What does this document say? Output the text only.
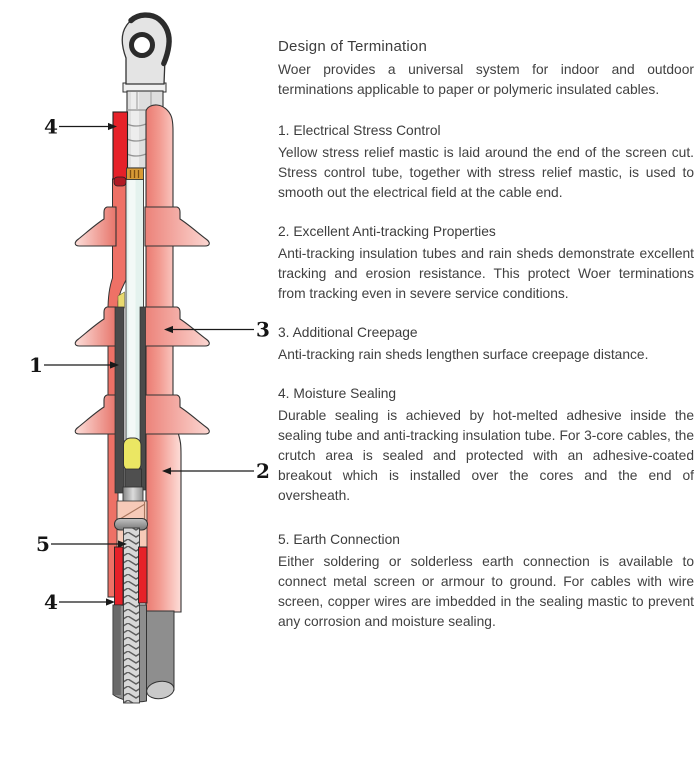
4
1
3
2
5
4
Design of Termination

Woer provides a universal system for indoor and outdoor terminations applicable to paper or polymeric insulated cables.

1. Electrical Stress Control

Yellow stress relief mastic is laid around the end of the screen cut. Stress control tube, together with stress relief mastic, is used to smooth out the electrical field at the cable end.

2. Excellent Anti-tracking Properties

Anti-tracking insulation tubes and rain sheds demonstrate excellent tracking and erosion resistance. This protect Woer terminations from tracking even in severe service conditions.

3. Additional Creepage

Anti-tracking rain sheds lengthen surface creepage distance.

4. Moisture Sealing

Durable sealing is achieved by hot-melted adhesive inside the sealing tube and anti-tracking insulation tube. For 3-core cables, the crutch area is sealed and protected with an adhesive-coated breakout which is installed over the cores and the end of oversheath.

5. Earth Connection

Either soldering or solderless earth connection is available to connect metal screen or armour to ground. For cables with wire screen, copper wires are imbedded in the sealing mastic to prevent any corrosion and moisture sealing.
